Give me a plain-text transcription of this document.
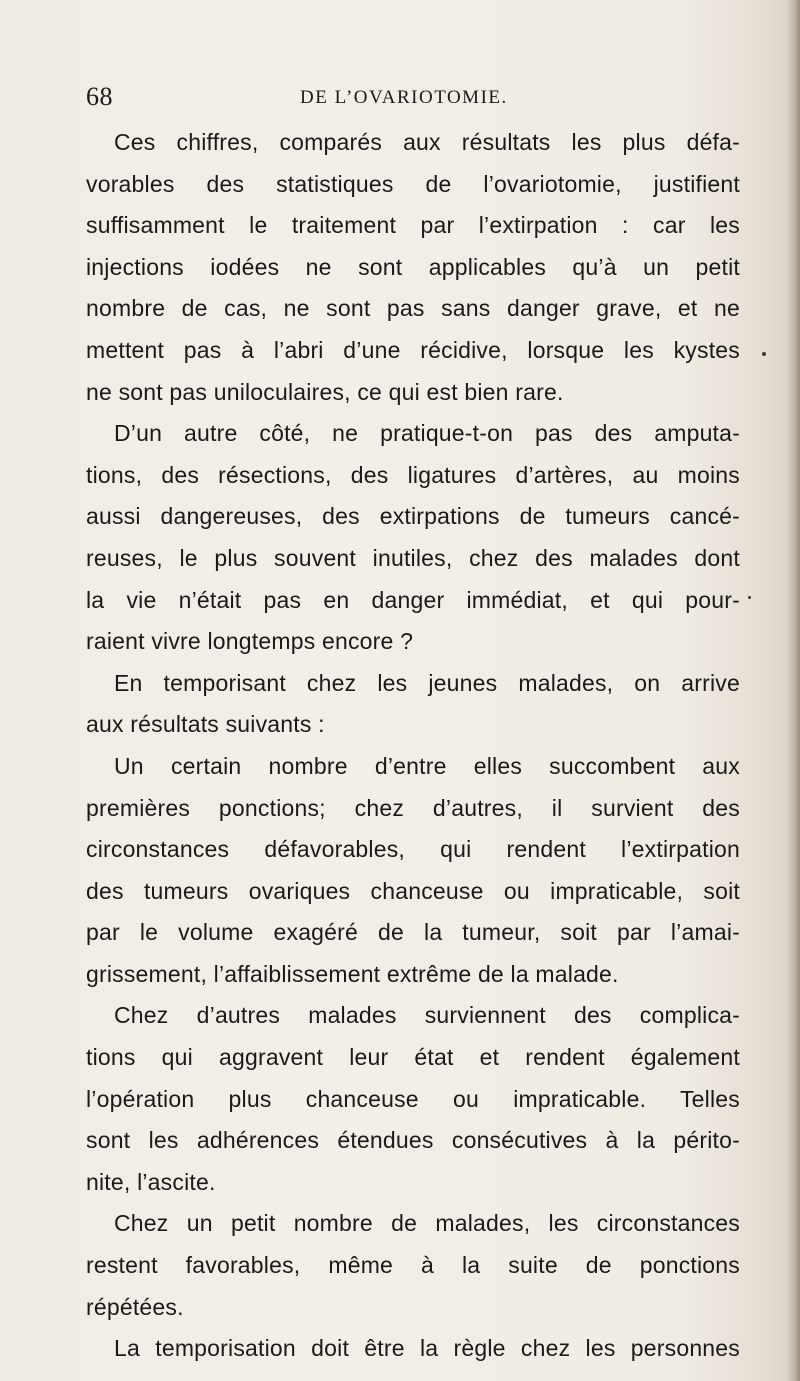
68	DE L’OVARIOTOMIE.
Ces chiffres, comparés aux résultats les plus défa-
vorables des statistiques de l’ovariotomie, justifient
suffisamment le traitement par l’extirpation : car les
injections iodées ne sont applicables qu’à un petit
nombre de cas, ne sont pas sans danger grave, et ne
mettent pas à l’abri d’une récidive, lorsque les kystes
ne sont pas uniloculaires, ce qui est bien rare.
D’un autre côté, ne pratique-t-on pas des amputa-
tions, des résections, des ligatures d’artères, au moins
aussi dangereuses, des extirpations de tumeurs cancé-
reuses, le plus souvent inutiles, chez des malades dont
la vie n’était pas en danger immédiat, et qui pour-
raient vivre longtemps encore ?
En temporisant chez les jeunes malades, on arrive
aux résultats suivants :
Un certain nombre d’entre elles succombent aux
premières ponctions; chez d’autres, il survient des
circonstances défavorables, qui rendent l’extirpation
des tumeurs ovariques chanceuse ou impraticable, soit
par le volume exagéré de la tumeur, soit par l’amai-
grissement, l’affaiblissement extrême de la malade.
Chez d’autres malades surviennent des complica-
tions qui aggravent leur état et rendent également
l’opération plus chanceuse ou impraticable. Telles
sont les adhérences étendues consécutives à la périto-
nite, l’ascite.
Chez un petit nombre de malades, les circonstances
restent favorables, même à la suite de ponctions
répétées.
La temporisation doit être la règle chez les personnes
